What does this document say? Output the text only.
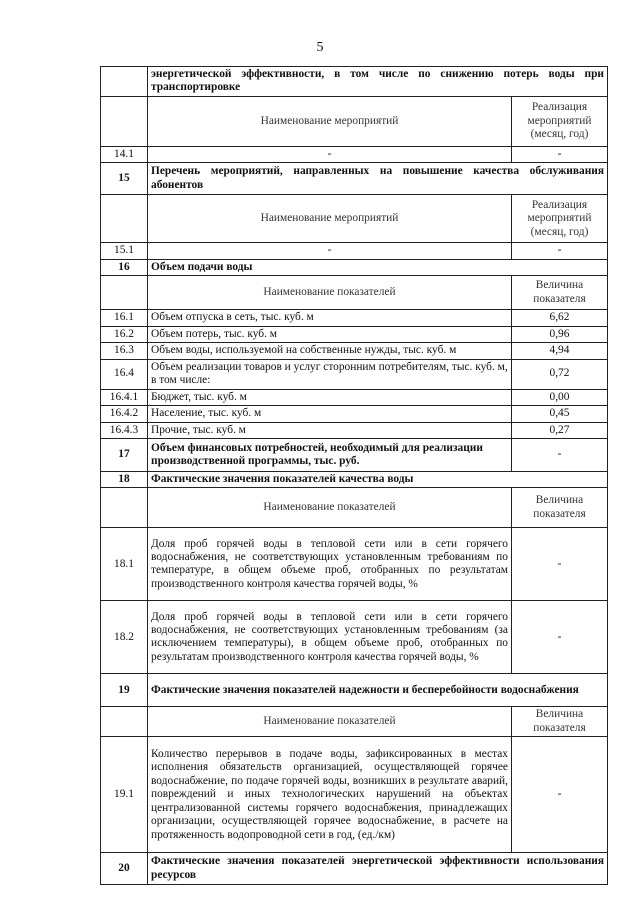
5
	энергетической эффективности, в том числе по снижению потерь воды при транспортировке	
	Наименование мероприятий	Реализация мероприятий (месяц, год)
14.1	-	-
15	Перечень мероприятий, направленных на повышение качества обслуживания абонентов	
	Наименование мероприятий	Реализация мероприятий (месяц, год)
15.1	-	-
16	Объем подачи воды	
	Наименование показателей	Величина показателя
16.1	Объем отпуска в сеть, тыс. куб. м	6,62
16.2	Объем потерь, тыс. куб. м	0,96
16.3	Объем воды, используемой на собственные нужды, тыс. куб. м	4,94
16.4	Объем реализации товаров и услуг сторонним потребителям, тыс. куб. м, в том числе:	0,72
16.4.1	Бюджет, тыс. куб. м	0,00
16.4.2	Население, тыс. куб. м	0,45
16.4.3	Прочие, тыс. куб. м	0,27
17	Объем финансовых потребностей, необходимый для реализации производственной программы, тыс. руб.	-
18	Фактические значения показателей качества воды	
	Наименование показателей	Величина показателя
18.1	Доля проб горячей воды в тепловой сети или в сети горячего водоснабжения, не соответствующих установленным требованиям по температуре, в общем объеме проб, отобранных по результатам производственного контроля качества горячей воды, %	-
18.2	Доля проб горячей воды в тепловой сети или в сети горячего водоснабжения, не соответствующих установленным требованиям (за исключением температуры), в общем объеме проб, отобранных по результатам производственного контроля качества горячей воды, %	-
19	Фактические значения показателей надежности и бесперебойности водоснабжения	
	Наименование показателей	Величина показателя
19.1	Количество перерывов в подаче воды, зафиксированных в местах исполнения обязательств организацией, осуществляющей горячее водоснабжение, по подаче горячей воды, возникших в результате аварий, повреждений и иных технологических нарушений на объектах централизованной системы горячего водоснабжения, принадлежащих организации, осуществляющей горячее водоснабжение, в расчете на протяженность водопроводной сети в год, (ед./км)	-
20	Фактические значения показателей энергетической эффективности использования ресурсов	
